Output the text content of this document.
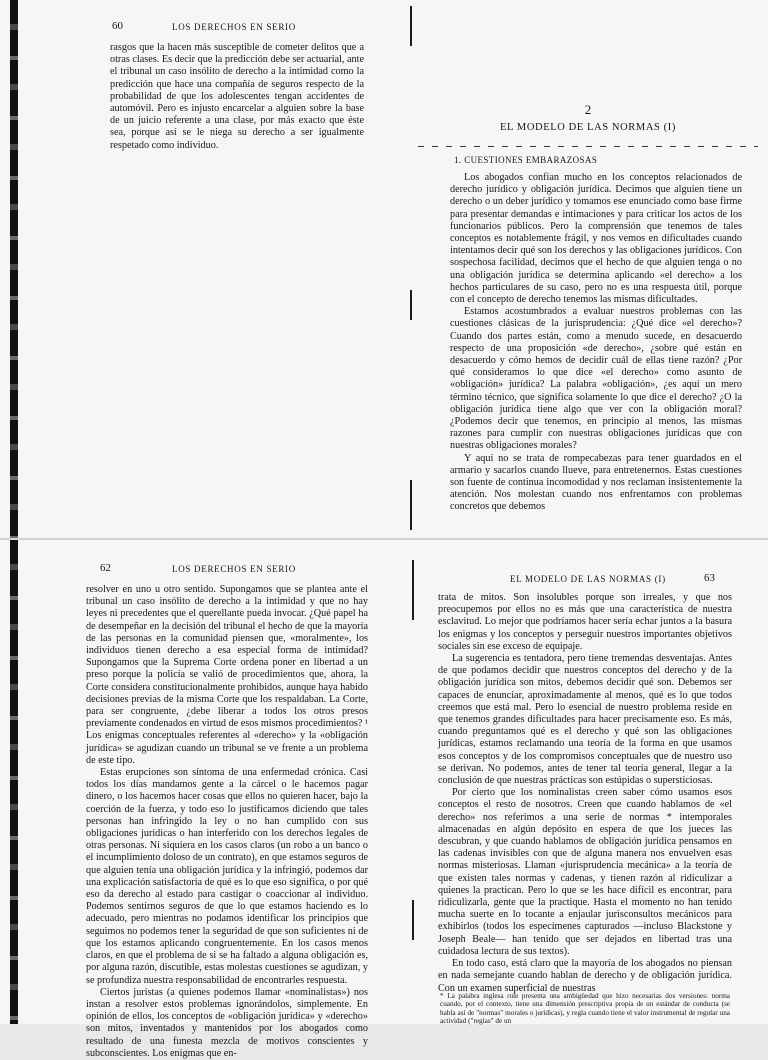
60	LOS DERECHOS EN SERIO

rasgos que la hacen más susceptible de cometer delitos que a otras clases. Es decir que la predicción debe ser actuarial, ante el tribunal un caso insólito de derecho a la intimidad como la predicción que hace una compañía de seguros respecto de la probabilidad de que los adolescentes tengan accidentes de automóvil. Pero es injusto encarcelar a alguien sobre la base de un juicio referente a una clase, por más exacto que éste sea, porque así se le niega su derecho a ser igualmente respetado como individuo.

2
EL MODELO DE LAS NORMAS (I)
1. CUESTIONES EMBARAZOSAS

Los abogados confían mucho en los conceptos relacionados de derecho jurídico y obligación jurídica. Decimos que alguien tiene un derecho o un deber jurídico y tomamos ese enunciado como base firme para presentar demandas e intimaciones y para criticar los actos de los funcionarios públicos. Pero la comprensión que tenemos de tales conceptos es notablemente frágil, y nos vemos en dificultades cuando intentamos decir qué son los derechos y las obligaciones jurídicos. Con sospechosa facilidad, decimos que el hecho de que alguien tenga o no una obligación jurídica se determina aplicando «el derecho» a los hechos particulares de su caso, pero no es una respuesta útil, porque con el concepto de derecho tenemos las mismas dificultades.

Estamos acostumbrados a evaluar nuestros problemas con las cuestiones clásicas de la jurisprudencia: ¿Qué dice «el derecho»? Cuando dos partes están, como a menudo sucede, en desacuerdo respecto de una proposición «de derecho», ¿sobre qué están en desacuerdo y cómo hemos de decidir cuál de ellas tiene razón? ¿Por qué consideramos lo que dice «el derecho» como asunto de «obligación» jurídica? La palabra «obligación», ¿es aquí un mero término técnico, que significa solamente lo que dice el derecho? ¿O la obligación jurídica tiene algo que ver con la obligación moral? ¿Podemos decir que tenemos, en principio al menos, las mismas razones para cumplir con nuestras obligaciones jurídicas que con nuestras obligaciones morales?

Y aquí no se trata de rompecabezas para tener guardados en el armario y sacarlos cuando llueve, para entretenernos. Estas cuestiones son fuente de continua incomodidad y nos reclaman insistentemente la atención. Nos molestan cuando nos enfrentamos con problemas concretos que debemos

62	LOS DERECHOS EN SERIO

resolver en uno u otro sentido. Supongamos que se plantea ante el tribunal un caso insólito de derecho a la intimidad y que no hay leyes ni precedentes que el querellante pueda invocar. ¿Qué papel ha de desempeñar en la decisión del tribunal el hecho de que la mayoría de las personas en la comunidad piensen que, «moralmente», los individuos tienen derecho a esa especial forma de intimidad? Supongamos que la Suprema Corte ordena poner en libertad a un preso porque la policía se valió de procedimientos que, ahora, la Corte considera constitucionalmente prohibidos, aunque haya habido decisiones previas de la misma Corte que los respaldaban. La Corte, para ser congruente, ¿debe liberar a todos los otros presos previamente condenados en virtud de esos mismos procedimientos? ¹ Los enigmas conceptuales referentes al «derecho» y la «obligación jurídica» se agudizan cuando un tribunal se ve frente a un problema de este tipo.

Estas erupciones son síntoma de una enfermedad crónica. Casi todos los días mandamos gente a la cárcel o le hacemos pagar dinero, o los hacemos hacer cosas que ellos no quieren hacer, bajo la coerción de la fuerza, y todo eso lo justificamos diciendo que tales personas han infringido la ley o no han cumplido con sus obligaciones jurídicas o han interferido con los derechos legales de otras personas. Ni siquiera en los casos claros (un robo a un banco o el incumplimiento doloso de un contrato), en que estamos seguros de que alguien tenía una obligación jurídica y la infringió, podemos dar una explicación satisfactoria de qué es lo que eso significa, o por qué eso da derecho al estado para castigar o coaccionar al individuo. Podemos sentirnos seguros de que lo que estamos haciendo es lo adecuado, pero mientras no podamos identificar los principios que seguimos no podemos tener la seguridad de que son suficientes ni de que los estamos aplicando congruentemente. En los casos menos claros, en que el problema de si se ha faltado a alguna obligación es, por alguna razón, discutible, estas molestas cuestiones se agudizan, y se profundiza nuestra responsabilidad de encontrarles respuesta.

Ciertos juristas (a quienes podemos llamar «nominalistas») nos instan a resolver estos problemas ignorándolos, simplemente. En opinión de ellos, los conceptos de «obligación jurídica» y «derecho» son mitos, inventados y mantenidos por los abogados como resultado de una funesta mezcla de motivos conscientes y subconscientes. Los enigmas que en-

EL MODELO DE LAS NORMAS (I)	63

trata de mitos. Son insolubles porque son irreales, y que nos preocupemos por ellos no es más que una característica de nuestra esclavitud. Lo mejor que podríamos hacer sería echar juntos a la basura los enigmas y los conceptos y perseguir nuestros importantes objetivos sociales sin ese exceso de equipaje.

La sugerencia es tentadora, pero tiene tremendas desventajas. Antes de que podamos decidir que nuestros conceptos del derecho y de la obligación jurídica son mitos, debemos decidir qué son. Debemos ser capaces de enunciar, aproximadamente al menos, qué es lo que todos creemos que está mal. Pero lo esencial de nuestro problema reside en que tenemos grandes dificultades para hacer precisamente eso. Es más, cuando preguntamos qué es el derecho y qué son las obligaciones jurídicas, estamos reclamando una teoría de la forma en que usamos esos conceptos y de los compromisos conceptuales que de nuestro uso se derivan. No podemos, antes de tener tal teoría general, llegar a la conclusión de que nuestras prácticas son estúpidas o supersticiosas.

Por cierto que los nominalistas creen saber cómo usamos esos conceptos el resto de nosotros. Creen que cuando hablamos de «el derecho» nos referimos a una serie de normas * intemporales almacenadas en algún depósito en espera de que los jueces las descubran, y que cuando hablamos de obligación jurídica pensamos en las cadenas invisibles con que de alguna manera nos envuelven esas normas misteriosas. Llaman «jurisprudencia mecánica» a la teoría de que existen tales normas y cadenas, y tienen razón al ridiculizar a quienes la practican. Pero lo que se les hace difícil es encontrar, para ridiculizarla, gente que la practique. Hasta el momento no han tenido mucha suerte en lo tocante a enjaular jurisconsultos mecánicos para exhibirlos (todos los especímenes capturados —incluso Blackstone y Joseph Beale— han tenido que ser dejados en libertad tras una cuidadosa lectura de sus textos).

En todo caso, está claro que la mayoría de los abogados no piensan en nada semejante cuando hablan de derecho y de obligación jurídica. Con un examen superficial de nuestras

* La palabra inglesa rule presenta una ambigüedad que hizo necesarias dos versiones: norma cuando, por el contexto, tiene una dimensión prescriptiva propia de un estándar de conducta (se habla así de "normas" morales o jurídicas), y regla cuando tiene el valor instrumental de regular una actividad ("reglas" de un
